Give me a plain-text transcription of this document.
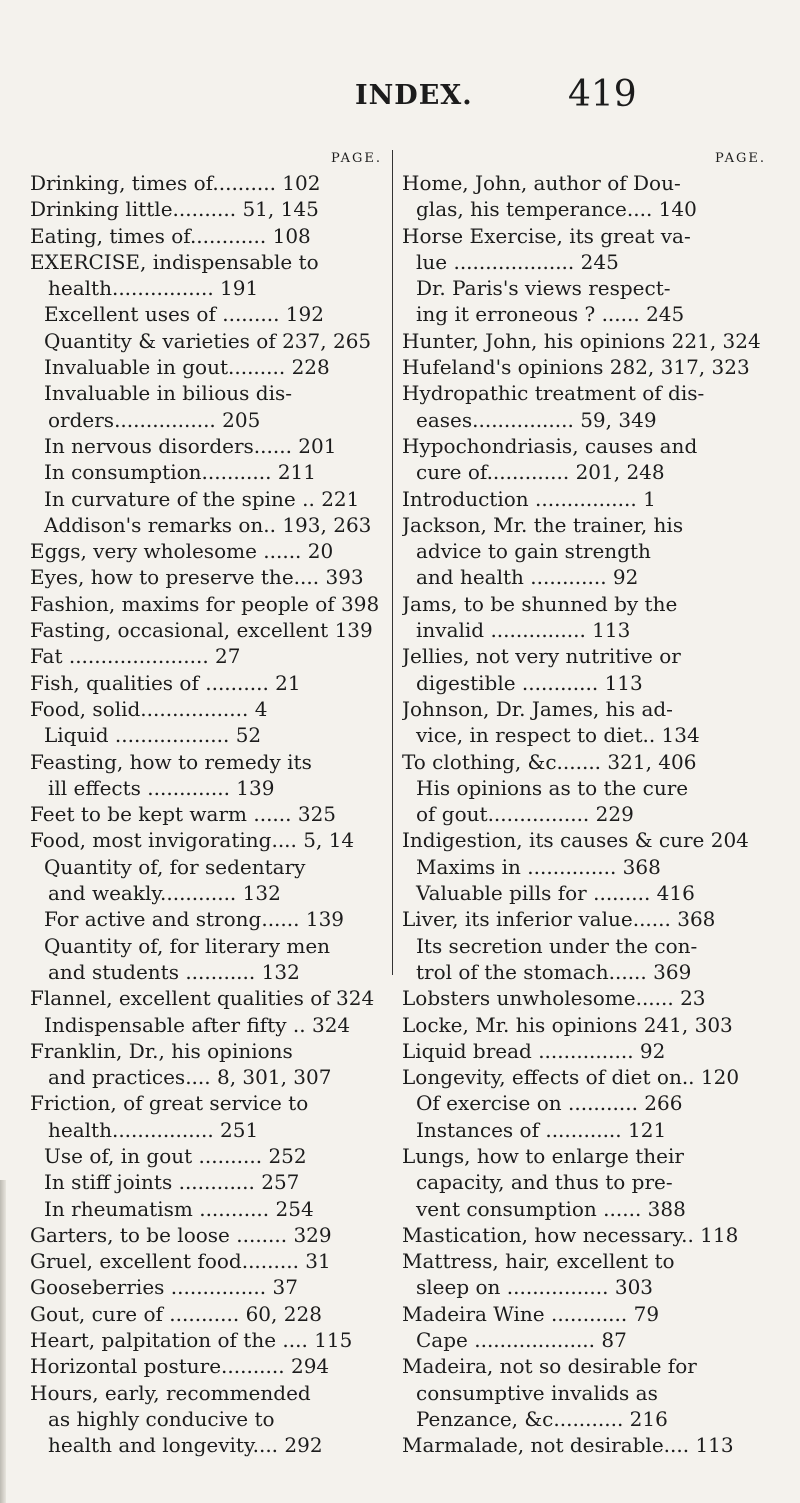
INDEX.	419
PAGE.
Drinking, times of.......... 102
Drinking little.......... 51, 145
Eating, times of............ 108
EXERCISE, indispensable to
health................ 191
Excellent uses of ......... 192
Quantity & varieties of 237, 265
Invaluable in gout......... 228
Invaluable in bilious dis-
orders................ 205
In nervous disorders...... 201
In consumption........... 211
In curvature of the spine .. 221
Addison's remarks on.. 193, 263
Eggs, very wholesome ...... 20
Eyes, how to preserve the.... 393
Fashion, maxims for people of 398
Fasting, occasional, excellent 139
Fat ...................... 27
Fish, qualities of .......... 21
Food, solid................. 4
Liquid .................. 52
Feasting, how to remedy its
ill effects ............. 139
Feet to be kept warm ...... 325
Food, most invigorating.... 5, 14
Quantity of, for sedentary
and weakly............ 132
For active and strong...... 139
Quantity of, for literary men
and students ........... 132
Flannel, excellent qualities of 324
Indispensable after fifty .. 324
Franklin, Dr., his opinions
and practices.... 8, 301, 307
Friction, of great service to
health................ 251
Use of, in gout .......... 252
In stiff joints ............ 257
In rheumatism ........... 254
Garters, to be loose ........ 329
Gruel, excellent food......... 31
Gooseberries ............... 37
Gout, cure of ........... 60, 228
Heart, palpitation of the .... 115
Horizontal posture.......... 294
Hours, early, recommended
as highly conducive to
health and longevity.... 292
PAGE.
Home, John, author of Dou-
glas, his temperance.... 140
Horse Exercise, its great va-
lue ................... 245
Dr. Paris's views respect-
ing it erroneous ? ...... 245
Hunter, John, his opinions 221, 324
Hufeland's opinions 282, 317, 323
Hydropathic treatment of dis-
eases................ 59, 349
Hypochondriasis, causes and
cure of............. 201, 248
Introduction ................ 1
Jackson, Mr. the trainer, his
advice to gain strength
and health ............ 92
Jams, to be shunned by the
invalid ............... 113
Jellies, not very nutritive or
digestible ............ 113
Johnson, Dr. James, his ad-
vice, in respect to diet.. 134
To clothing, &c....... 321, 406
His opinions as to the cure
of gout................ 229
Indigestion, its causes & cure 204
Maxims in .............. 368
Valuable pills for ......... 416
Liver, its inferior value...... 368
Its secretion under the con-
trol of the stomach...... 369
Lobsters unwholesome...... 23
Locke, Mr. his opinions 241, 303
Liquid bread ............... 92
Longevity, effects of diet on.. 120
Of exercise on ........... 266
Instances of ............ 121
Lungs, how to enlarge their
capacity, and thus to pre-
vent consumption ...... 388
Mastication, how necessary.. 118
Mattress, hair, excellent to
sleep on ................ 303
Madeira Wine ............ 79
Cape ................... 87
Madeira, not so desirable for
consumptive invalids as
Penzance, &c........... 216
Marmalade, not desirable.... 113
